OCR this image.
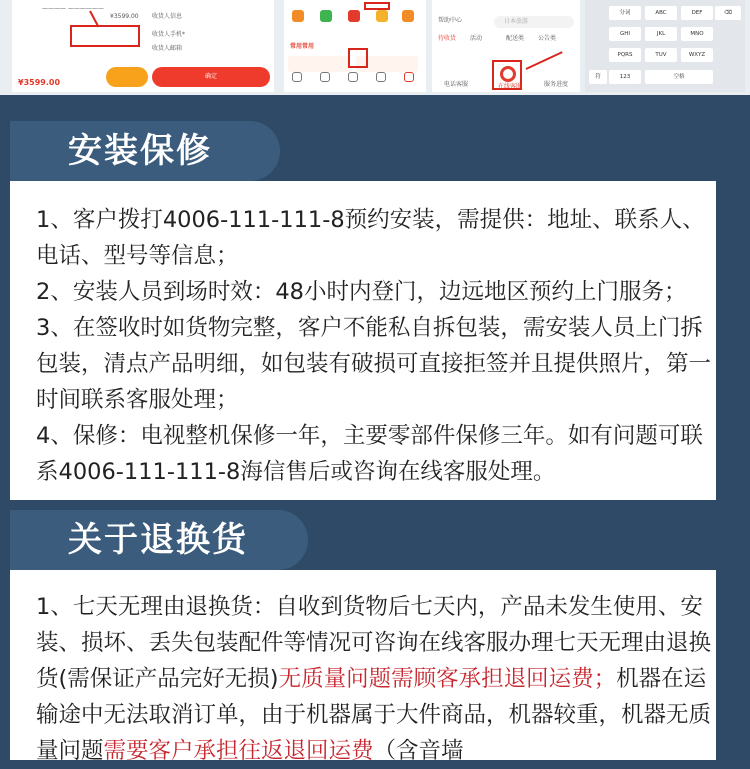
———— ——————
¥3599.00 收货人信息
收货人手机*
收货人邮箱
¥3599.00
确定
常用常用
日本旅游
帮助中心
待收货 活动	配送类 公告类
电话客服	在线客服	服务进度
分词	ABC	DEF	⌫
GHI	JKL	MNO
PQRS	TUV	WXYZ
符	123	空格
安装保修
1、客户拨打4006-111-111-8预约安装，需提供：地址、联系人、电话、型号等信息；
2、安装人员到场时效：48小时内登门，边远地区预约上门服务；
3、在签收时如货物完整，客户不能私自拆包装，需安装人员上门拆包装，清点产品明细，如包装有破损可直接拒签并且提供照片，第一时间联系客服处理；
4、保修：电视整机保修一年，主要零部件保修三年。如有问题可联系4006-111-111-8海信售后或咨询在线客服处理。
关于退换货
1、七天无理由退换货：自收到货物后七天内，产品未发生使用、安装、损坏、丢失包装配件等情况可咨询在线客服办理七天无理由退换货(需保证产品完好无损)无质量问题需顾客承担退回运费；机器在运输途中无法取消订单，由于机器属于大件商品，机器较重，机器无质量问题需要客户承担往返退回运费（含音墙
